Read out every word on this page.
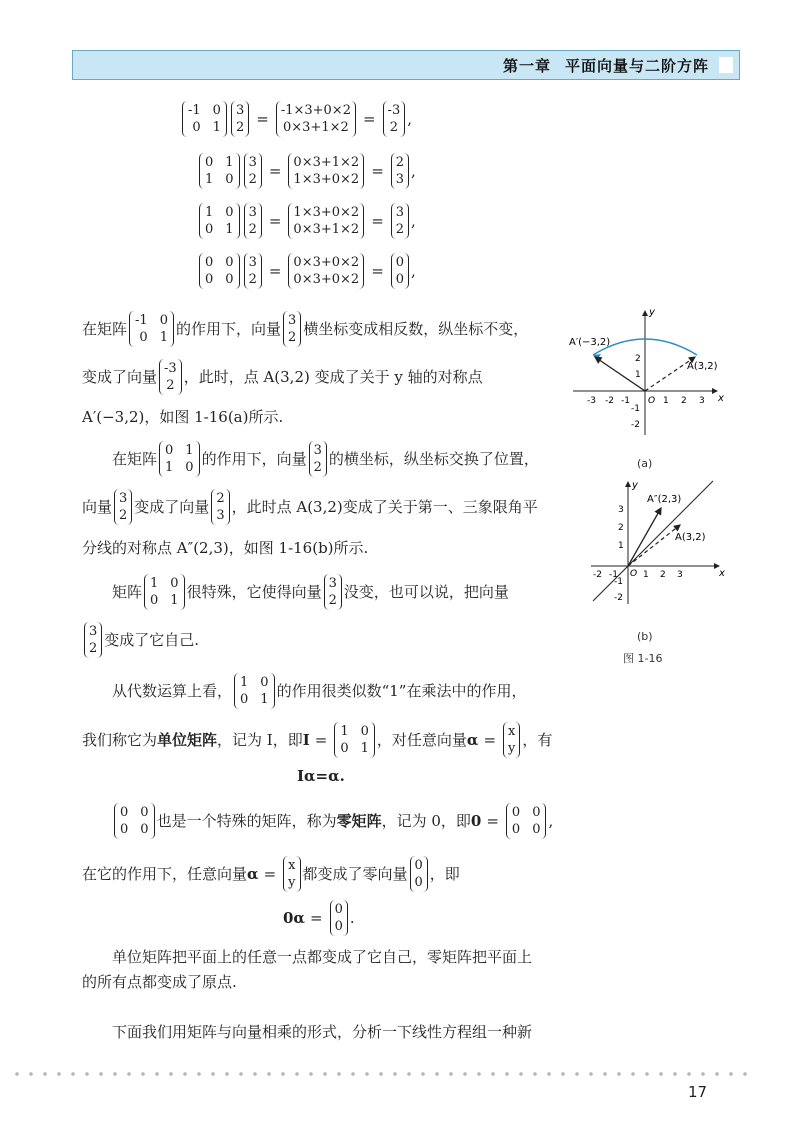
第一章 平面向量与二阶方阵
-1 0
0 1
3
2 = -1×3+0×2
0×3+1×2 = -3
2 ,
0 1
1 0
3
2 = 0×3+1×2
1×3+0×2 = 2
3 ,
1 0
0 1
3
2 = 1×3+0×2
0×3+1×2 = 3
2 ,
0 0
0 0
3
2 = 0×3+0×2
0×3+0×2 = 0
0 ,
在矩阵 -1 0
0 1 的作用下，向量 3
2 横坐标变成相反数，纵坐标不变，
变成了向量 -3
2 ，此时，点 A(3,2) 变成了关于 y 轴的对称点
A′(−3,2)，如图 1-16(a)所示.
在矩阵 0 1
1 0 的作用下，向量 3
2 的横坐标，纵坐标交换了位置，
向量 3
2 变成了向量 2
3 ，此时点 A(3,2)变成了关于第一、三象限角平
分线的对称点 A″(2,3)，如图 1-16(b)所示.
矩阵 1 0
0 1 很特殊，它使得向量 3
2 没变，也可以说，把向量
3
2 变成了它自己.
从代数运算上看， 1 0
0 1 的作用很类似数“1”在乘法中的作用，
我们称它为 单位矩阵 ，记为 I，即 I = 1 0
0 1 ，对任意向量 α = x
y ，有
Iα=α.
0 0
0 0 也是一个特殊的矩阵，称为 零矩阵 ，记为 0，即 0 = 0 0
0 0 ,
在它的作用下，任意向量 α = x
y 都变成了零向量 0
0 ，即
0α = 0
0 .
单位矩阵把平面上的任意一点都变成了它自己，零矩阵把平面上
的所有点都变成了原点.
下面我们用矩阵与向量相乘的形式，分析一下线性方程组一种新
x
y
-3 -2 -1	1 2 3
O
2
1
-1
-2
A′(−3,2)
A(3,2)
(a)
x
y
A″(2,3)
A(3,2)
-2 -1	1 2 3
O
3
2
1
-1
-2
(b)
图 1-16
17
